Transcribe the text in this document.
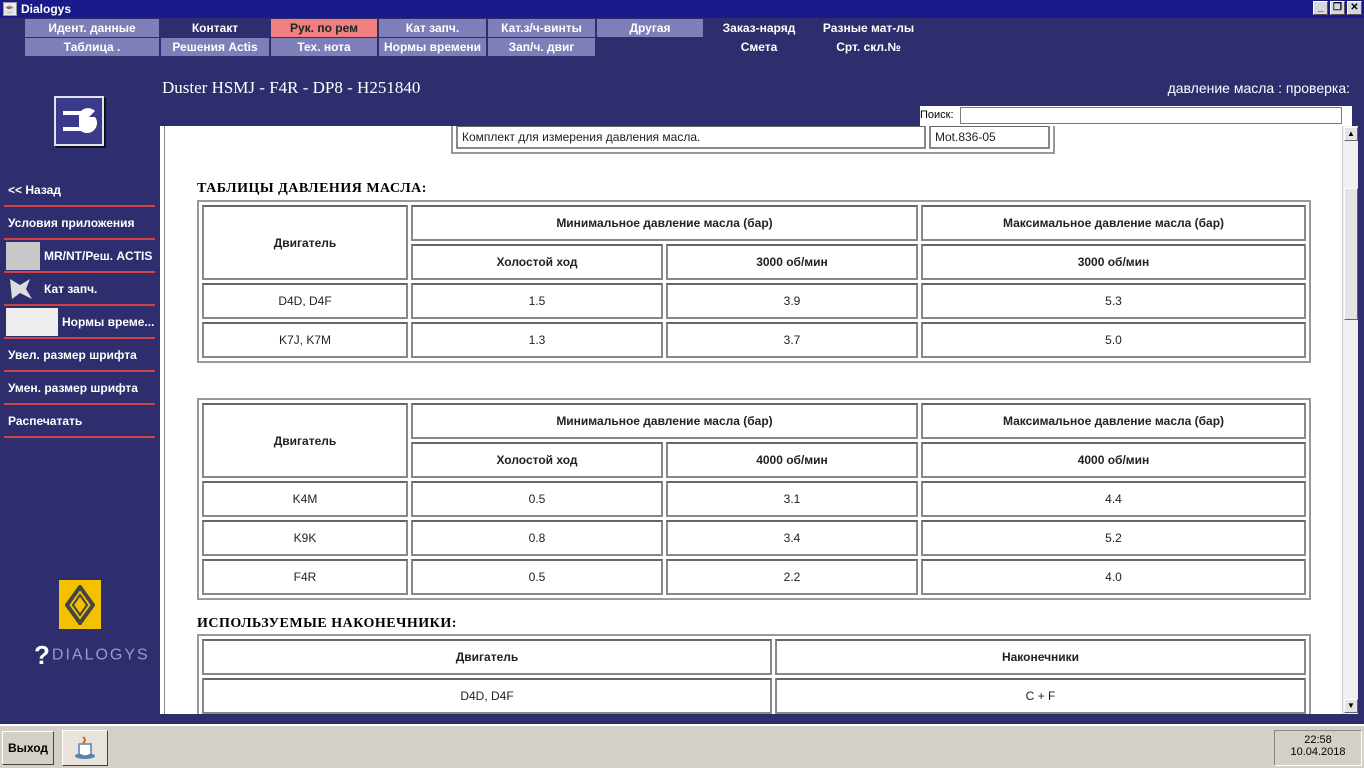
☕ Dialogys	_ ❐ ✕
Идент. данные	Контакт	Рук. по рем	Кат запч.	Кат.з/ч-винты	Другая	Заказ-наряд	Разные мат-лы
Таблица .	Решения Actis	Тех. нота	Нормы времени	Зап/ч. двиг	Смета	Срт. скл.№
Duster HSMJ - F4R - DP8 - H251840	давление масла : проверка:
Поиск:
<< Назад
Условия приложения
MR/NT/Реш. ACTIS
Кат запч.
Нормы време...
Увел. размер шрифта
Умен. размер шрифта
Распечатать
?DIALOGYS
Комплект для измерения давления масла.	Mot.836-05
ТАБЛИЦЫ ДАВЛЕНИЯ МАСЛА:
Двигатель	Минимальное давление масла (бар)		Максимальное давление масла (бар)
	Холостой ход	3000 об/мин	3000 об/мин
D4D, D4F	1.5	3.9	5.3
K7J, K7M	1.3	3.7	5.0
Двигатель	Минимальное давление масла (бар)		Максимальное давление масла (бар)
	Холостой ход	4000 об/мин	4000 об/мин
K4M	0.5	3.1	4.4
K9K	0.8	3.4	5.2
F4R	0.5	2.2	4.0
ИСПОЛЬЗУЕМЫЕ НАКОНЕЧНИКИ:
Двигатель	Наконечники
D4D, D4F	C + F
▲
▼
Выход
22:58
10.04.2018
